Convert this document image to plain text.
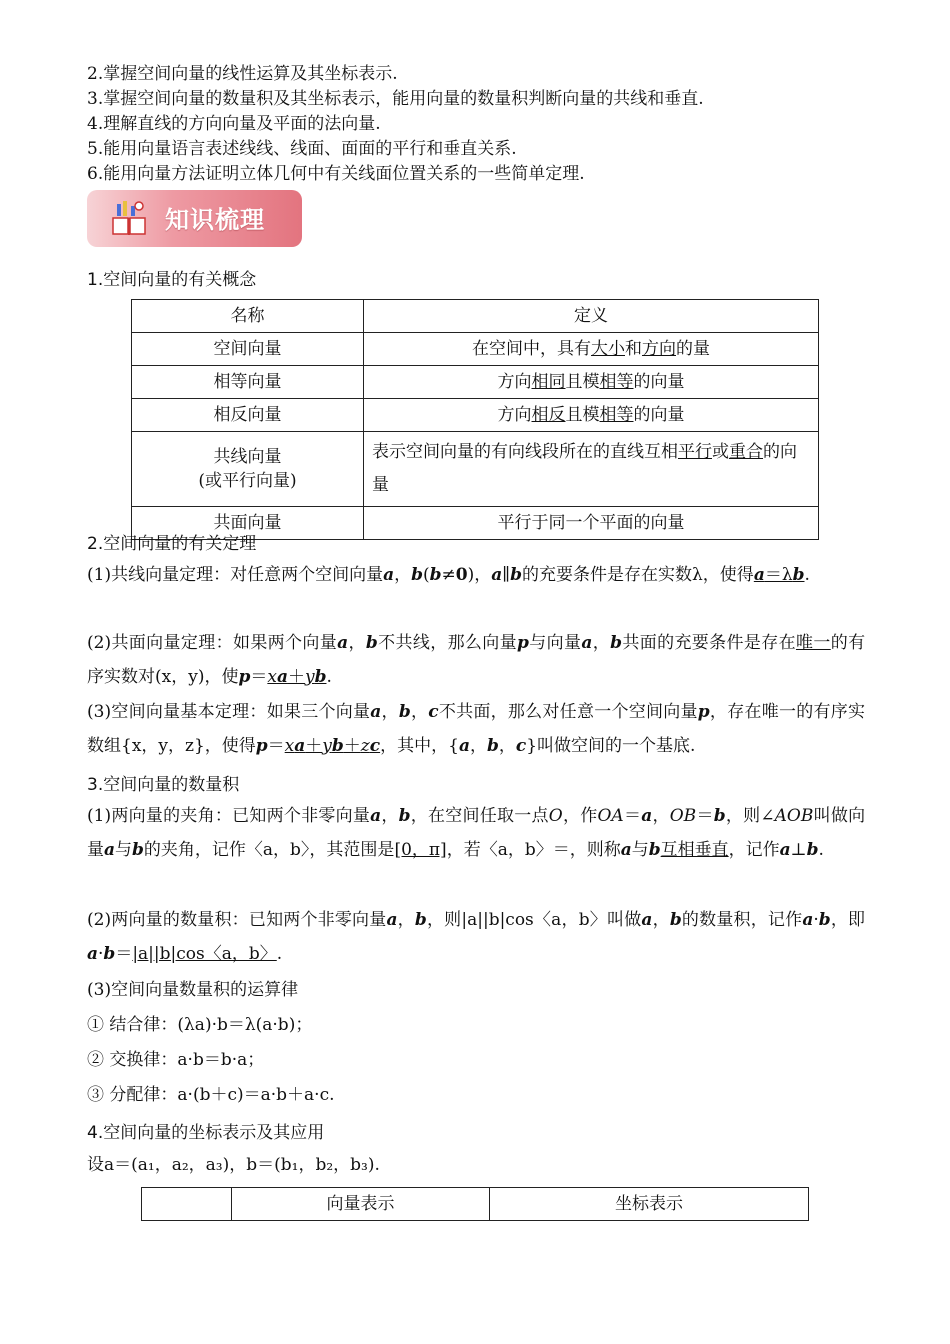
2.掌握空间向量的线性运算及其坐标表示.
3.掌握空间向量的数量积及其坐标表示，能用向量的数量积判断向量的共线和垂直.
4.理解直线的方向向量及平面的法向量.
5.能用向量语言表述线线、线面、面面的平行和垂直关系.
6.能用向量方法证明立体几何中有关线面位置关系的一些简单定理.
知识梳理
1.空间向量的有关概念
名称	定义
空间向量	在空间中，具有大小和方向的量
相等向量	方向相同且模相等的向量
相反向量	方向相反且模相等的向量
共线向量
(或平行向量)	表示空间向量的有向线段所在的直线互相平行或重合的向量
共面向量	平行于同一个平面的向量
2.空间向量的有关定理
(1)共线向量定理：对任意两个空间向量a，b(b≠0)，a∥b的充要条件是存在实数λ，使得a＝λb.
(2)共面向量定理：如果两个向量a，b不共线，那么向量p与向量a，b共面的充要条件是存在唯一的有序实数对(x，y)，使p＝xa＋yb.
(3)空间向量基本定理：如果三个向量a，b，c不共面，那么对任意一个空间向量p，存在唯一的有序实数组{x，y，z}，使得p＝xa＋yb＋zc，其中，{a，b，c}叫做空间的一个基底.
3.空间向量的数量积
(1)两向量的夹角：已知两个非零向量a，b，在空间任取一点O，作OA＝a，OB＝b，则∠AOB叫做向量a与b的夹角，记作〈a，b〉，其范围是[0，π]，若〈a，b〉＝，则称a与b互相垂直，记作a⊥b.
(2)两向量的数量积：已知两个非零向量a，b，则|a||b|cos〈a，b〉叫做a，b的数量积，记作a·b，即a·b＝|a||b|cos〈a，b〉.
(3)空间向量数量积的运算律
① 结合律：(λa)·b＝λ(a·b)；
② 交换律：a·b＝b·a；
③ 分配律：a·(b＋c)＝a·b＋a·c.
4.空间向量的坐标表示及其应用
设a＝(a₁，a₂，a₃)，b＝(b₁，b₂，b₃).
	向量表示	坐标表示
